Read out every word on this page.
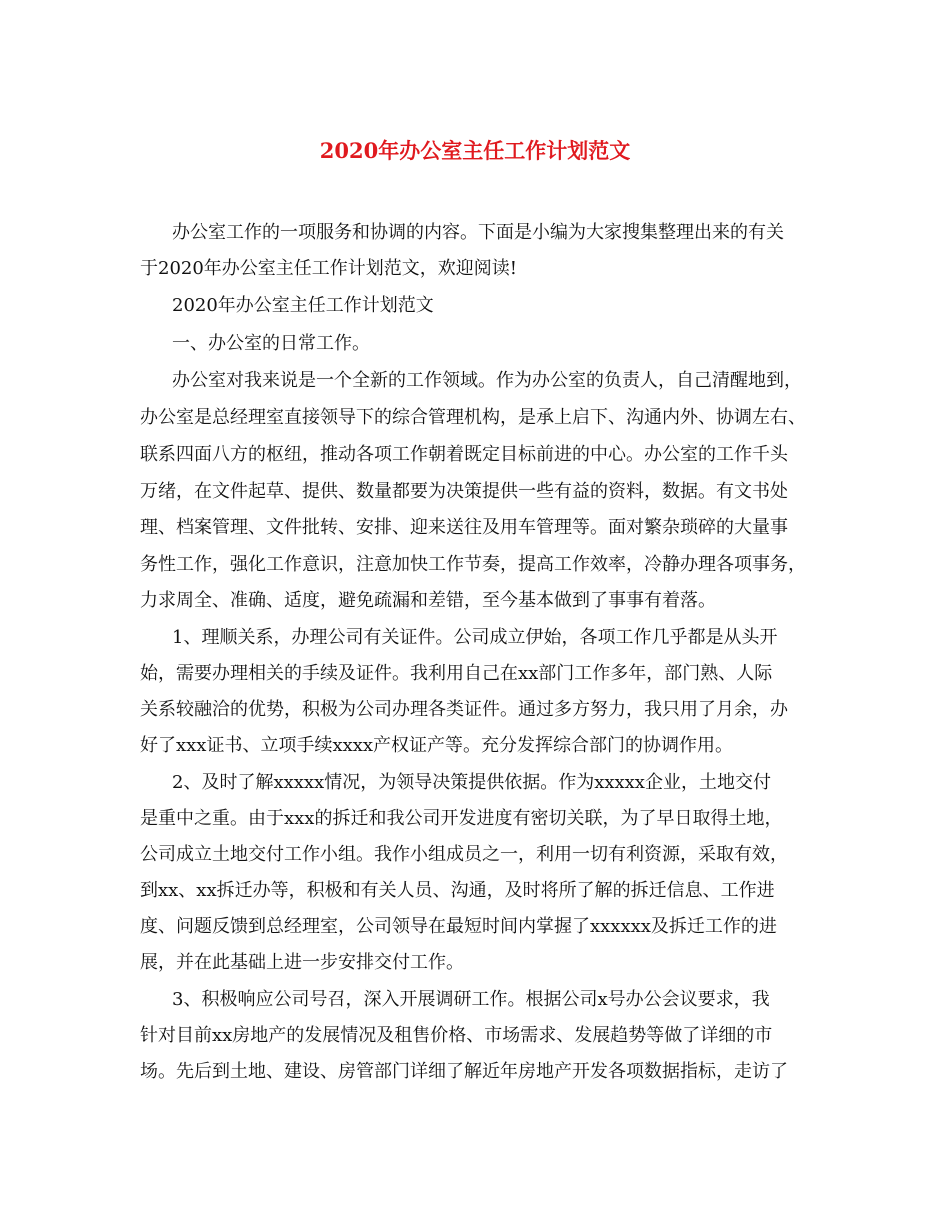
2020年办公室主任工作计划范文

办公室工作的一项服务和协调的内容。下面是小编为大家搜集整理出来的有关

于2020年办公室主任工作计划范文，欢迎阅读!

2020年办公室主任工作计划范文

一、办公室的日常工作。

办公室对我来说是一个全新的工作领域。作为办公室的负责人，自己清醒地到，

办公室是总经理室直接领导下的综合管理机构，是承上启下、沟通内外、协调左右、

联系四面八方的枢纽，推动各项工作朝着既定目标前进的中心。办公室的工作千头

万绪，在文件起草、提供、数量都要为决策提供一些有益的资料，数据。有文书处

理、档案管理、文件批转、安排、迎来送往及用车管理等。面对繁杂琐碎的大量事

务性工作，强化工作意识，注意加快工作节奏，提高工作效率，冷静办理各项事务，

力求周全、准确、适度，避免疏漏和差错，至今基本做到了事事有着落。

1、理顺关系，办理公司有关证件。公司成立伊始，各项工作几乎都是从头开

始，需要办理相关的手续及证件。我利用自己在xx部门工作多年，部门熟、人际

关系较融洽的优势，积极为公司办理各类证件。通过多方努力，我只用了月余，办

好了xxx证书、立项手续xxxx产权证产等。充分发挥综合部门的协调作用。

2、及时了解xxxxx情况，为领导决策提供依据。作为xxxxx企业，土地交付

是重中之重。由于xxx的拆迁和我公司开发进度有密切关联，为了早日取得土地，

公司成立土地交付工作小组。我作小组成员之一，利用一切有利资源，采取有效，

到xx、xx拆迁办等，积极和有关人员、沟通，及时将所了解的拆迁信息、工作进

度、问题反馈到总经理室，公司领导在最短时间内掌握了xxxxxx及拆迁工作的进

展，并在此基础上进一步安排交付工作。

3、积极响应公司号召，深入开展调研工作。根据公司x号办公会议要求，我

针对目前xx房地产的发展情况及租售价格、市场需求、发展趋势等做了详细的市

场。先后到土地、建设、房管部门详细了解近年房地产开发各项数据指标，走访了
